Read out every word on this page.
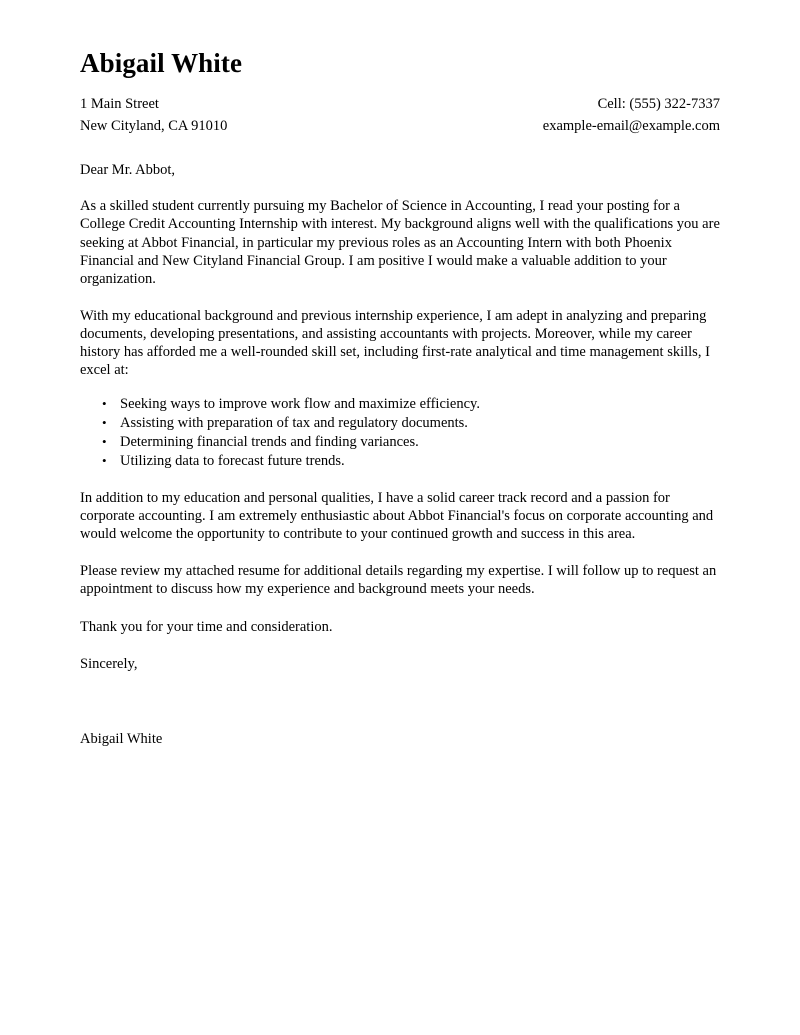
Abigail White
1 Main Street	Cell: (555) 322-7337
New Cityland, CA 91010	example-email@example.com

Dear Mr. Abbot,

As a skilled student currently pursuing my Bachelor of Science in Accounting, I read your posting for a College Credit Accounting Internship with interest. My background aligns well with the qualifications you are seeking at Abbot Financial, in particular my previous roles as an Accounting Intern with both Phoenix Financial and New Cityland Financial Group. I am positive I would make a valuable addition to your organization.

With my educational background and previous internship experience, I am adept in analyzing and preparing documents, developing presentations, and assisting accountants with projects. Moreover, while my career history has afforded me a well-rounded skill set, including first-rate analytical and time management skills, I excel at:

• Seeking ways to improve work flow and maximize efficiency.
• Assisting with preparation of tax and regulatory documents.
• Determining financial trends and finding variances.
• Utilizing data to forecast future trends.

In addition to my education and personal qualities, I have a solid career track record and a passion for corporate accounting. I am extremely enthusiastic about Abbot Financial's focus on corporate accounting and would welcome the opportunity to contribute to your continued growth and success in this area.

Please review my attached resume for additional details regarding my expertise. I will follow up to request an appointment to discuss how my experience and background meets your needs.

Thank you for your time and consideration.

Sincerely,

Abigail White
